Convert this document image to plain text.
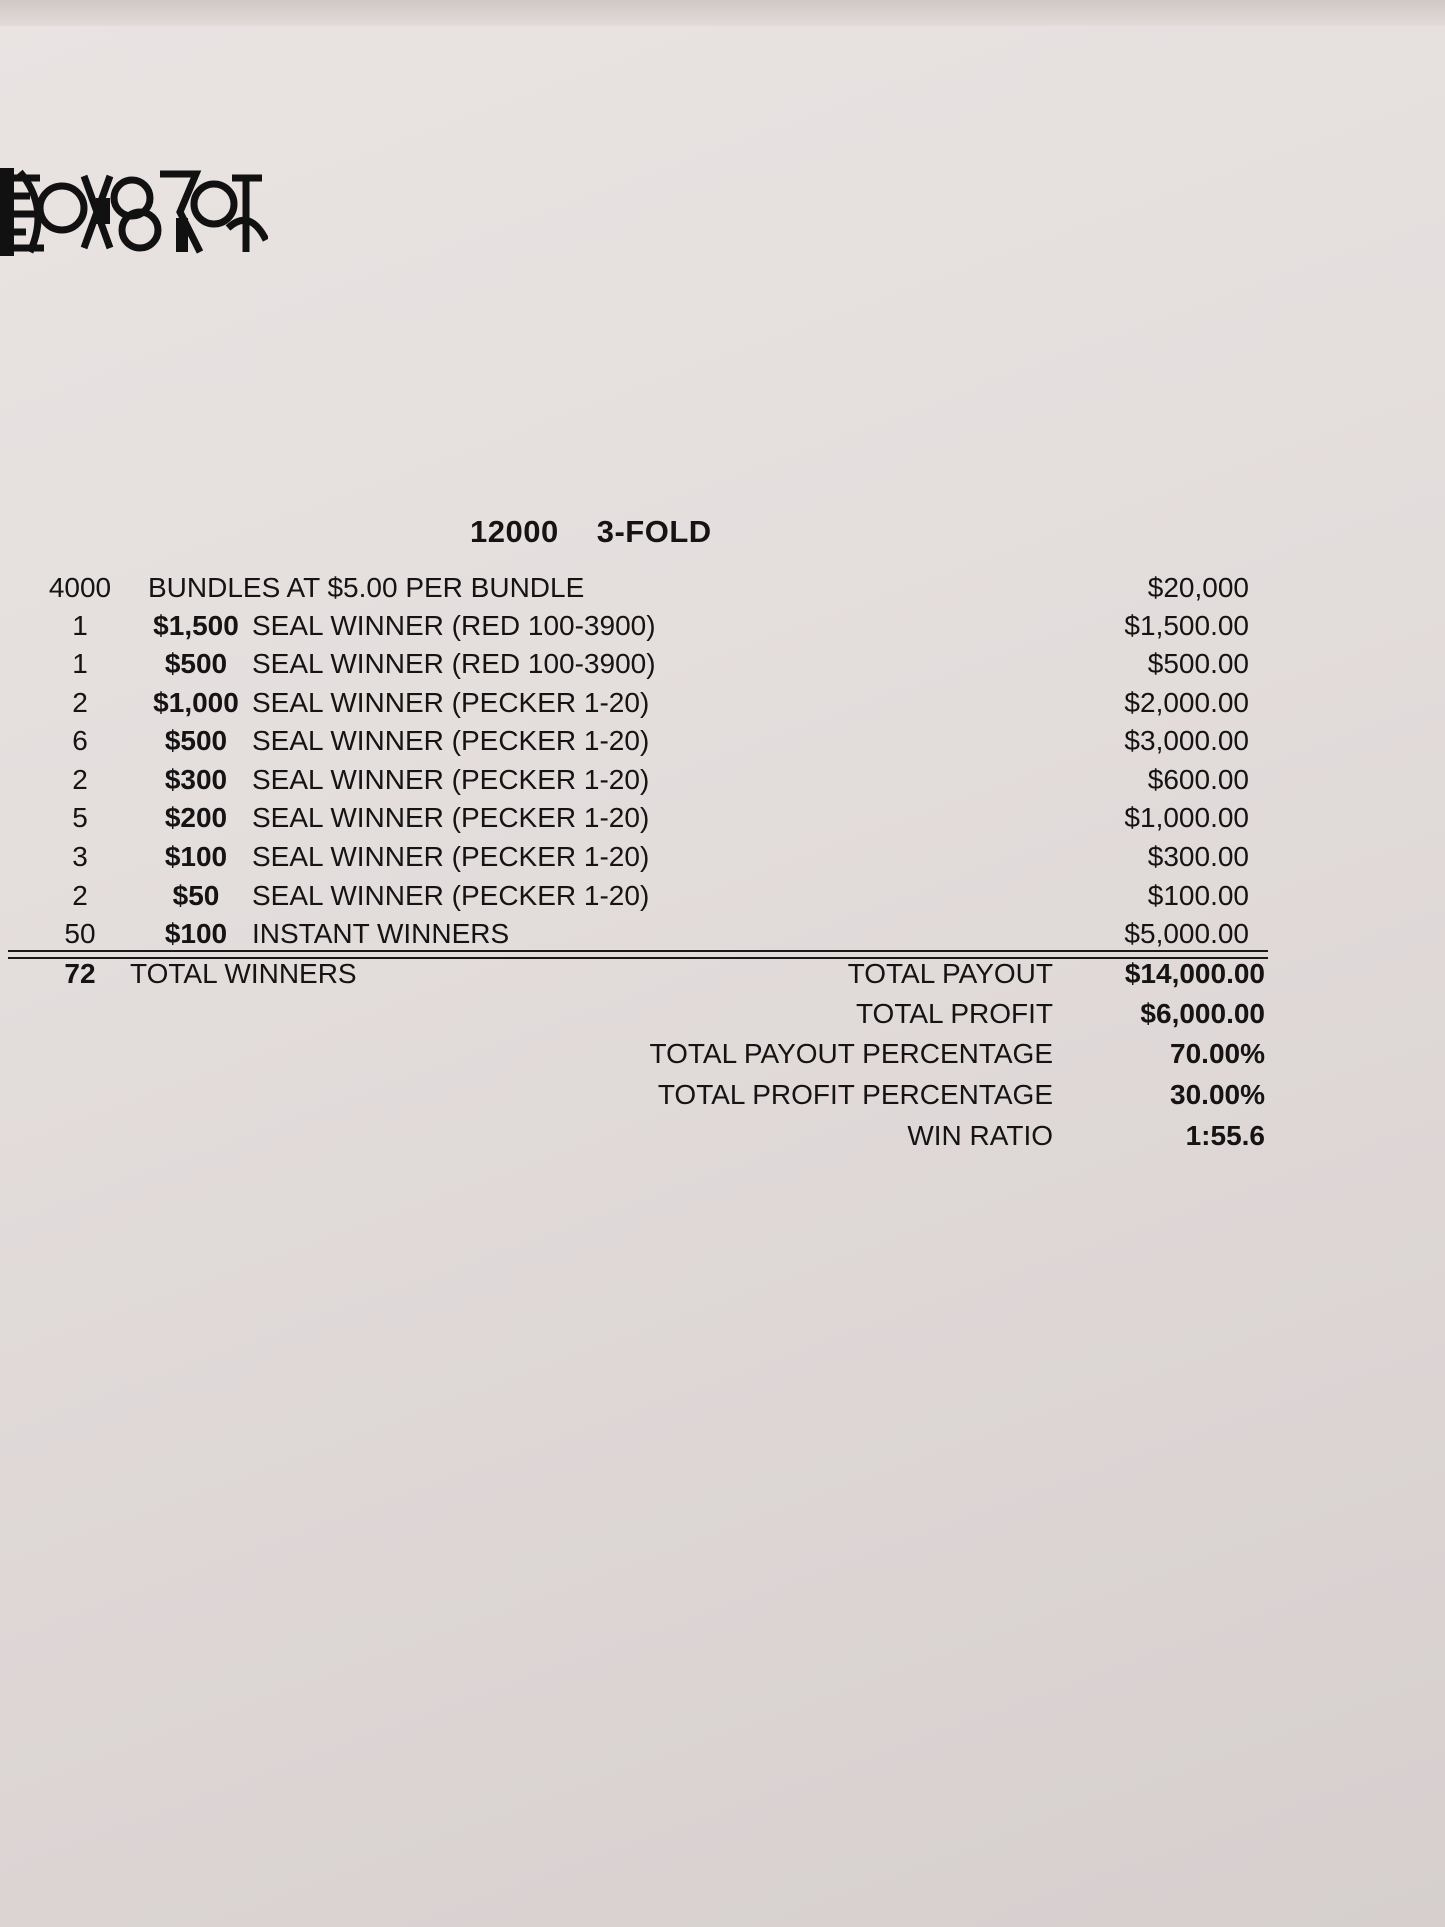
12000 3-FOLD
4000	BUNDLES AT $5.00 PER BUNDLE	$20,000
1	$1,500 SEAL WINNER (RED 100-3900)	$1,500.00
1	$500 SEAL WINNER (RED 100-3900)	$500.00
2	$1,000 SEAL WINNER (PECKER 1-20)	$2,000.00
6	$500 SEAL WINNER (PECKER 1-20)	$3,000.00
2	$300 SEAL WINNER (PECKER 1-20)	$600.00
5	$200 SEAL WINNER (PECKER 1-20)	$1,000.00
3	$100 SEAL WINNER (PECKER 1-20)	$300.00
2	$50	SEAL WINNER (PECKER 1-20)	$100.00
50	$100 INSTANT WINNERS	$5,000.00
72	TOTAL WINNERS	TOTAL PAYOUT	$14,000.00
TOTAL PROFIT	$6,000.00
TOTAL PAYOUT PERCENTAGE	70.00%
TOTAL PROFIT PERCENTAGE	30.00%
WIN RATIO	1:55.6
